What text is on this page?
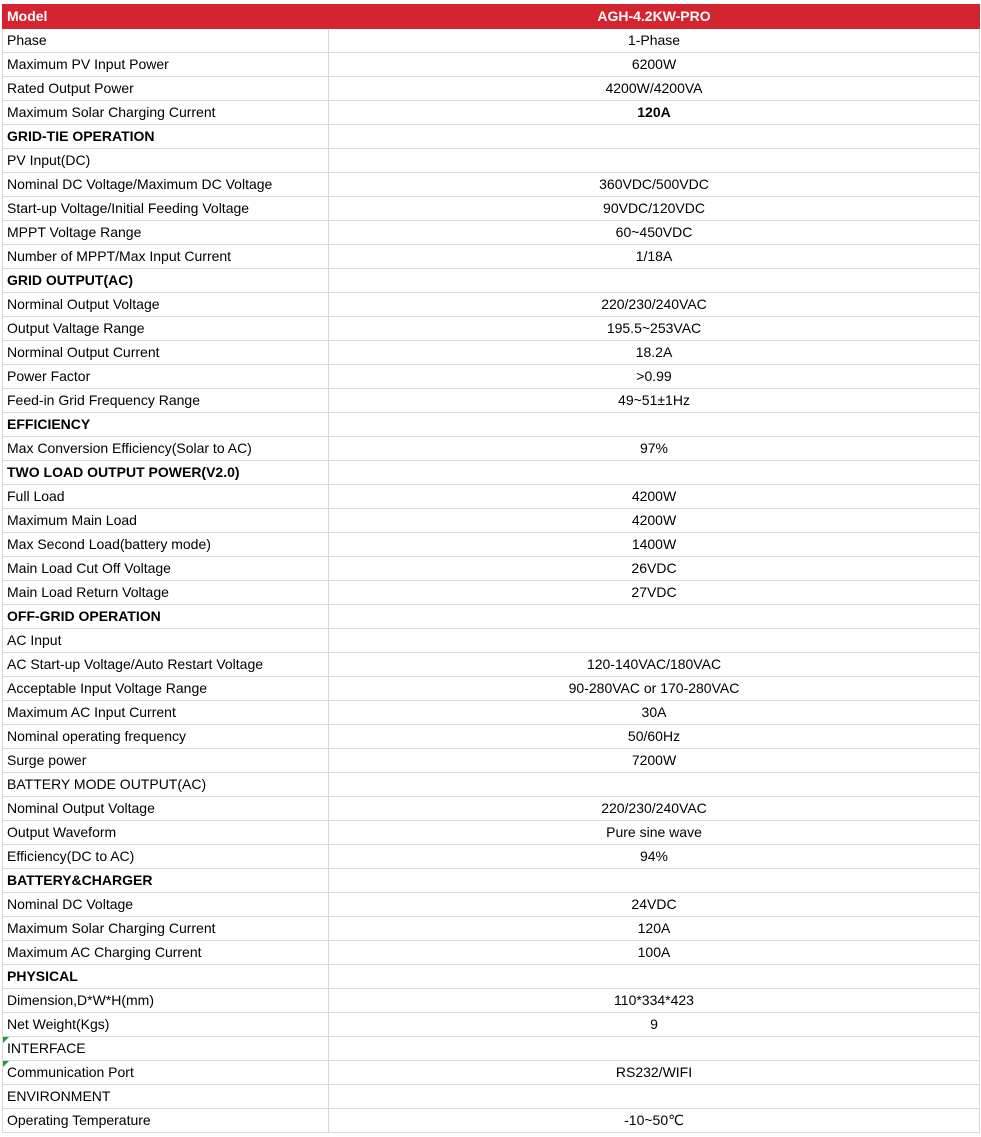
Model	AGH-4.2KW-PRO
Phase	1-Phase
Maximum PV Input Power	6200W
Rated Output Power	4200W/4200VA
Maximum Solar Charging Current	120A
GRID-TIE OPERATION	
PV Input(DC)	
Nominal DC Voltage/Maximum DC Voltage	360VDC/500VDC
Start-up Voltage/Initial Feeding Voltage	90VDC/120VDC
MPPT Voltage Range	60~450VDC
Number of MPPT/Max Input Current	1/18A
GRID OUTPUT(AC)	
Norminal Output Voltage	220/230/240VAC
Output Valtage Range	195.5~253VAC
Norminal Output Current	18.2A
Power Factor	>0.99
Feed-in Grid Frequency Range	49~51±1Hz
EFFICIENCY	
Max Conversion Efficiency(Solar to AC)	97%
TWO LOAD OUTPUT POWER(V2.0)	
Full Load	4200W
Maximum Main Load	4200W
Max Second Load(battery mode)	1400W
Main Load Cut Off Voltage	26VDC
Main Load Return Voltage	27VDC
OFF-GRID OPERATION	
AC Input	
AC Start-up Voltage/Auto Restart Voltage	120-140VAC/180VAC
Acceptable Input Voltage Range	90-280VAC or 170-280VAC
Maximum AC Input Current	30A
Nominal operating frequency	50/60Hz
Surge power	7200W
BATTERY MODE OUTPUT(AC)	
Nominal Output Voltage	220/230/240VAC
Output Waveform	Pure sine wave
Efficiency(DC to AC)	94%
BATTERY&CHARGER	
Nominal DC Voltage	24VDC
Maximum Solar Charging Current	120A
Maximum AC Charging Current	100A
PHYSICAL	
Dimension,D*W*H(mm)	110*334*423
Net Weight(Kgs)	9
INTERFACE	
Communication Port	RS232/WIFI
ENVIRONMENT	
Operating Temperature	-10~50℃
